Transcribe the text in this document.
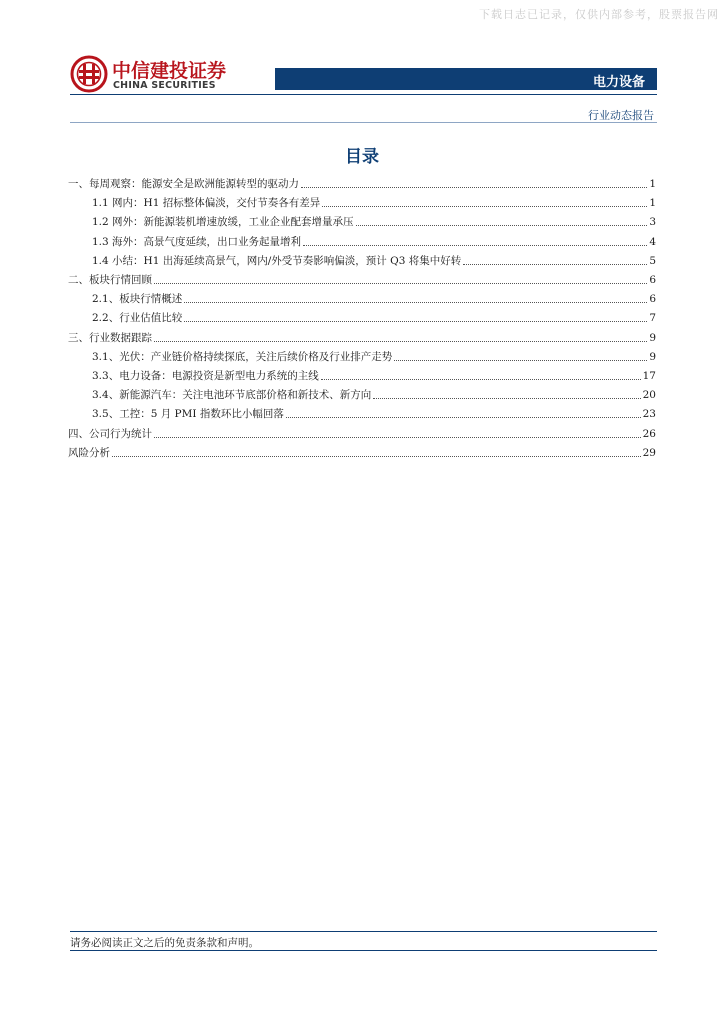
下载日志已记录，仅供内部参考，股票报告网
中信建投证券
CHINA SECURITIES	电力设备
行业动态报告
目录
一、每周观察：能源安全是欧洲能源转型的驱动力	1
1.1 网内：H1 招标整体偏淡，交付节奏各有差异	1
1.2 网外：新能源装机增速放缓，工业企业配套增量承压	3
1.3 海外：高景气度延续，出口业务起量增利	4
1.4 小结：H1 出海延续高景气，网内/外受节奏影响偏淡，预计 Q3 将集中好转	5
二、板块行情回顾	6
2.1、板块行情概述	6
2.2、行业估值比较	7
三、行业数据跟踪	9
3.1、光伏：产业链价格持续探底，关注后续价格及行业排产走势	9
3.3、电力设备：电源投资是新型电力系统的主线	17
3.4、新能源汽车：关注电池环节底部价格和新技术、新方向	20
3.5、工控：5 月 PMI 指数环比小幅回落	23
四、公司行为统计	26
风险分析	29
请务必阅读正文之后的免责条款和声明。
